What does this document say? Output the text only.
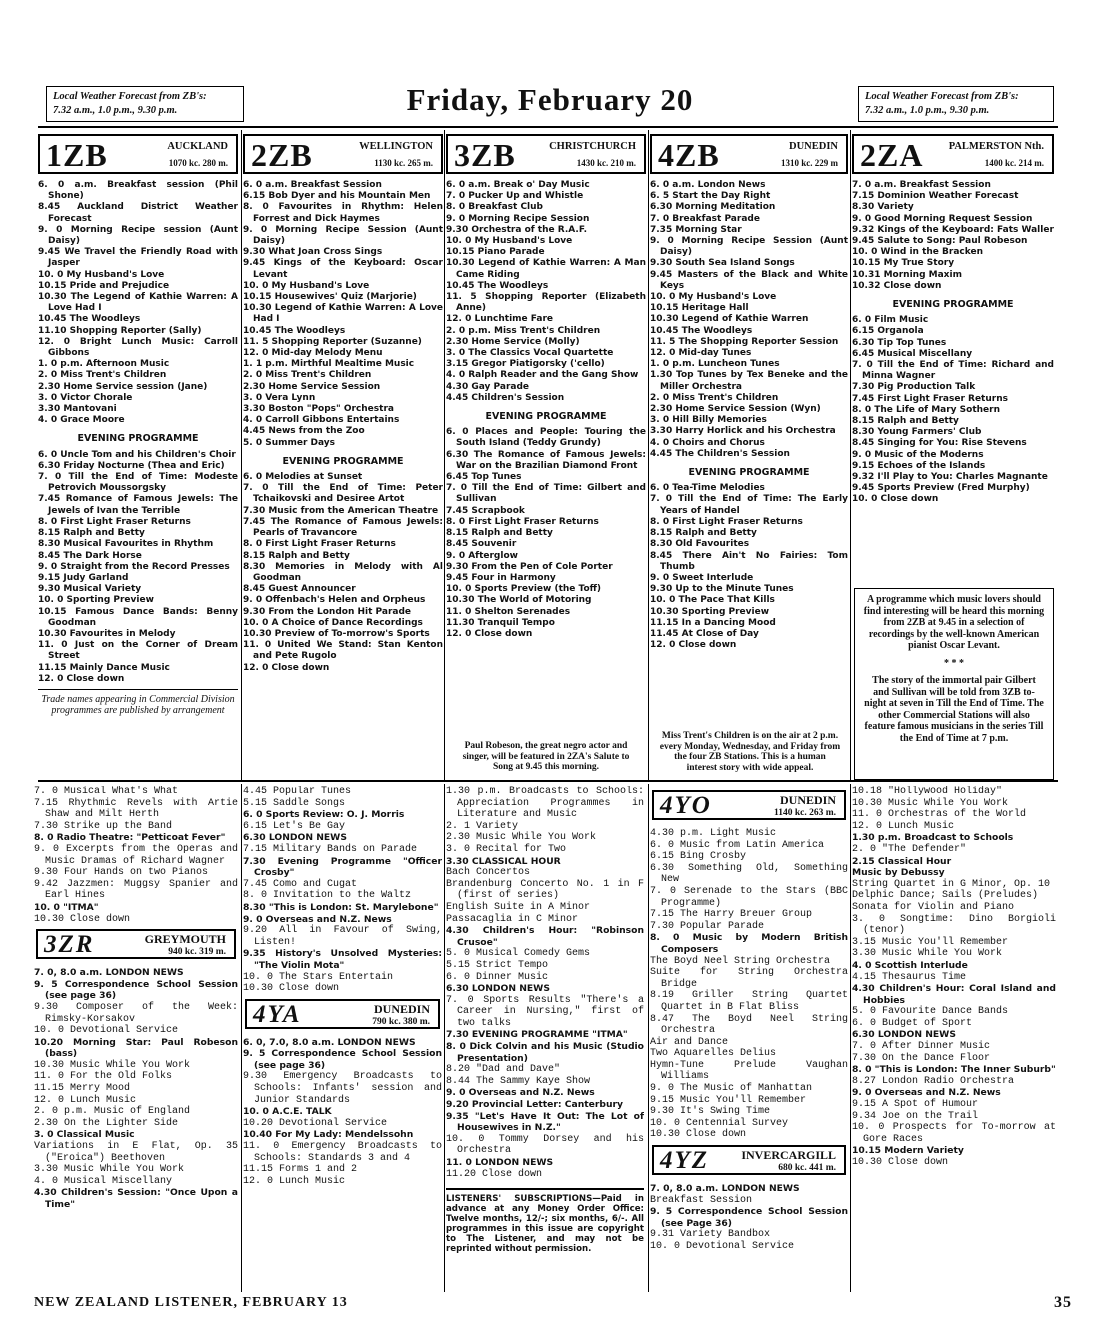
Local Weather Forecast from ZB's:
7.32 a.m., 1.0 p.m., 9.30 p.m.	Friday, February 20	Local Weather Forecast from ZB's:
7.32 a.m., 1.0 p.m., 9.30 p.m.
1ZB	AUCKLAND
1070 kc. 280 m.
6. 0 a.m. Breakfast session (Phil Shone)
8.45 Auckland District Weather Forecast
9. 0 Morning Recipe session (Aunt Daisy)
9.45 We Travel the Friendly Road with Jasper
10. 0 My Husband's Love
10.15 Pride and Prejudice
10.30 The Legend of Kathie Warren: A Love Had I
10.45 The Woodleys
11.10 Shopping Reporter (Sally)
12. 0 Bright Lunch Music: Carroll Gibbons
1. 0 p.m. Afternoon Music
2. 0 Miss Trent's Children
2.30 Home Service session (Jane)
3. 0 Victor Chorale
3.30 Mantovani
4. 0 Grace Moore
EVENING PROGRAMME
6. 0 Uncle Tom and his Children's Choir
6.30 Friday Nocturne (Thea and Eric)
7. 0 Till the End of Time: Modeste Petrovich Moussorgsky
7.45 Romance of Famous Jewels: The Jewels of Ivan the Terrible
8. 0 First Light Fraser Returns
8.15 Ralph and Betty
8.30 Musical Favourites in Rhythm
8.45 The Dark Horse
9. 0 Straight from the Record Presses
9.15 Judy Garland
9.30 Musical Variety
10. 0 Sporting Preview
10.15 Famous Dance Bands: Benny Goodman
10.30 Favourites in Melody
11. 0 Just on the Corner of Dream Street
11.15 Mainly Dance Music
12. 0 Close down
Trade names appearing in Commercial Division programmes are published by arrangement
2ZB	WELLINGTON
1130 kc. 265 m.
6. 0 a.m. Breakfast Session
6.15 Bob Dyer and his Mountain Men
8. 0 Favourites in Rhythm: Helen Forrest and Dick Haymes
9. 0 Morning Recipe Session (Aunt Daisy)
9.30 What Joan Cross Sings
9.45 Kings of the Keyboard: Oscar Levant
10. 0 My Husband's Love
10.15 Housewives' Quiz (Marjorie)
10.30 Legend of Kathie Warren: A Love Had I
10.45 The Woodleys
11. 5 Shopping Reporter (Suzanne)
12. 0 Mid-day Melody Menu
1. 1 p.m. Mirthful Mealtime Music
2. 0 Miss Trent's Children
2.30 Home Service Session
3. 0 Vera Lynn
3.30 Boston "Pops" Orchestra
4. 0 Carroll Gibbons Entertains
4.45 News from the Zoo
5. 0 Summer Days
EVENING PROGRAMME
6. 0 Melodies at Sunset
7. 0 Till the End of Time: Peter Tchaikovski and Desiree Artot
7.30 Music from the American Theatre
7.45 The Romance of Famous Jewels: Pearls of Travancore
8. 0 First Light Fraser Returns
8.15 Ralph and Betty
8.30 Memories in Melody with Al Goodman
8.45 Guest Announcer
9. 0 Offenbach's Helen and Orpheus
9.30 From the London Hit Parade
10. 0 A Choice of Dance Recordings
10.30 Preview of To-morrow's Sports
11. 0 United We Stand: Stan Kenton and Pete Rugolo
12. 0 Close down
3ZB	CHRISTCHURCH
1430 kc. 210 m.
6. 0 a.m. Break o' Day Music
7. 0 Pucker Up and Whistle
8. 0 Breakfast Club
9. 0 Morning Recipe Session
9.30 Orchestra of the R.A.F.
10. 0 My Husband's Love
10.15 Piano Parade
10.30 Legend of Kathie Warren: A Man Came Riding
10.45 The Woodleys
11. 5 Shopping Reporter (Elizabeth Anne)
12. 0 Lunchtime Fare
2. 0 p.m. Miss Trent's Children
2.30 Home Service (Molly)
3. 0 The Classics Vocal Quartette
3.15 Gregor Piatigorsky ('cello)
4. 0 Ralph Reader and the Gang Show
4.30 Gay Parade
4.45 Children's Session
EVENING PROGRAMME
6. 0 Places and People: Touring the South Island (Teddy Grundy)
6.30 The Romance of Famous Jewels: War on the Brazilian Diamond Front
6.45 Top Tunes
7. 0 Till the End of Time: Gilbert and Sullivan
7.45 Scrapbook
8. 0 First Light Fraser Returns
8.15 Ralph and Betty
8.45 Souvenir
9. 0 Afterglow
9.30 From the Pen of Cole Porter
9.45 Four in Harmony
10. 0 Sports Preview (the Toff)
10.30 The World of Motoring
11. 0 Shelton Serenades
11.30 Tranquil Tempo
12. 0 Close down
4ZB	DUNEDIN
1310 kc. 229 m
6. 0 a.m. London News
6. 5 Start the Day Right
6.30 Morning Meditation
7. 0 Breakfast Parade
7.35 Morning Star
9. 0 Morning Recipe Session (Aunt Daisy)
9.30 South Sea Island Songs
9.45 Masters of the Black and White Keys
10. 0 My Husband's Love
10.15 Heritage Hall
10.30 Legend of Kathie Warren
10.45 The Woodleys
11. 5 The Shopping Reporter Session
12. 0 Mid-day Tunes
1. 0 p.m. Luncheon Tunes
1.30 Top Tunes by Tex Beneke and the Miller Orchestra
2. 0 Miss Trent's Children
2.30 Home Service Session (Wyn)
3. 0 Hill Billy Memories
3.30 Harry Horlick and his Orchestra
4. 0 Choirs and Chorus
4.45 The Children's Session
EVENING PROGRAMME
6. 0 Tea-Time Melodies
7. 0 Till the End of Time: The Early Years of Handel
8. 0 First Light Fraser Returns
8.15 Ralph and Betty
8.30 Old Favourites
8.45 There Ain't No Fairies: Tom Thumb
9. 0 Sweet Interlude
9.30 Up to the Minute Tunes
10. 0 The Pace That Kills
10.30 Sporting Preview
11.15 In a Dancing Mood
11.45 At Close of Day
12. 0 Close down
2ZA PALMERSTON Nth.
1400 kc. 214 m.
7. 0 a.m. Breakfast Session
7.15 Dominion Weather Forecast
8.30 Variety
9. 0 Good Morning Request Session
9.32 Kings of the Keyboard: Fats Waller
9.45 Salute to Song: Paul Robeson
10. 0 Wind in the Bracken
10.15 My True Story
10.31 Morning Maxim
10.32 Close down
EVENING PROGRAMME
6. 0 Film Music
6.15 Organola
6.30 Tip Top Tunes
6.45 Musical Miscellany
7. 0 Till the End of Time: Richard and Minna Wagner
7.30 Pig Production Talk
7.45 First Light Fraser Returns
8. 0 The Life of Mary Sothern
8.15 Ralph and Betty
8.30 Young Farmers' Club
8.45 Singing for You: Rise Stevens
9. 0 Music of the Moderns
9.15 Echoes of the Islands
9.32 I'll Play to You: Charles Magnante
9.45 Sports Preview (Fred Murphy)
10. 0 Close down
A programme which music lovers should find interesting will be heard this morning from 2ZB at 9.45 in a selection of recordings by the well-known American pianist Oscar Levant.
* * *
The story of the immortal pair Gilbert and Sullivan will be told from 3ZB to-night at seven in Till the End of Time. The other Commercial Stations will also feature famous musicians in the series Till the End of Time at 7 p.m.
Paul Robeson, the great negro actor and singer, will be featured in 2ZA's Salute to Song at 9.45 this morning.
Miss Trent's Children is on the air at 2 p.m. every Monday, Wednesday, and Friday from the four ZB Stations. This is a human interest story with wide appeal.
7. 0 Musical What's What
7.15 Rhythmic Revels with Artie Shaw and Milt Herth
7.30 Strike up the Band
8. 0 Radio Theatre: "Petticoat Fever"
9. 0 Excerpts from the Operas and Music Dramas of Richard Wagner
9.30 Four Hands on two Pianos
9.42 Jazzmen: Muggsy Spanier and Earl Hines
10. 0 "ITMA"
10.30 Close down
3ZR	GREYMOUTH
940 kc. 319 m.
7. 0, 8.0 a.m. LONDON NEWS
9. 5 Correspondence School Session (see page 36)
9.30 Composer of the Week: Rimsky-Korsakov
10. 0 Devotional Service
10.20 Morning Star: Paul Robeson (bass)
10.30 Music While You Work
11. 0 For the Old Folks
11.15 Merry Mood
12. 0 Lunch Music
2. 0 p.m. Music of England
2.30 On the Lighter Side
3. 0 Classical Music
Variations in E Flat, Op. 35 ("Eroica") Beethoven
3.30 Music While You Work
4. 0 Musical Miscellany
4.30 Children's Session: "Once Upon a Time"
4.45 Popular Tunes
5.15 Saddle Songs
6. 0 Sports Review: O. J. Morris
6.15 Let's Be Gay
6.30 LONDON NEWS
7.15 Military Bands on Parade
7.30 Evening Programme "Officer Crosby"
7.45 Como and Cugat
8. 0 Invitation to the Waltz
8.30 "This is London: St. Marylebone"
9. 0 Overseas and N.Z. News
9.20 All in Favour of Swing, Listen!
9.35 History's Unsolved Mysteries: "The Violin Mota"
10. 0 The Stars Entertain
10.30 Close down
4YA	DUNEDIN
790 kc. 380 m.
6. 0, 7.0, 8.0 a.m. LONDON NEWS
9. 5 Correspondence School Session (see page 36)
9.30 Emergency Broadcasts to Schools: Infants' session and Junior Standards
10. 0 A.C.E. TALK
10.20 Devotional Service
10.40 For My Lady: Mendelssohn
11. 0 Emergency Broadcasts to Schools: Standards 3 and 4
11.15 Forms 1 and 2
12. 0 Lunch Music
1.30 p.m. Broadcasts to Schools: Appreciation Programmes in Literature and Music
2. 1 Variety
2.30 Music While You Work
3. 0 Recital for Two
3.30 CLASSICAL HOUR
Bach Concertos
Brandenburg Concerto No. 1 in F (first of series)
English Suite in A Minor
Passacaglia in C Minor
4.30 Children's Hour: "Robinson Crusoe"
5. 0 Musical Comedy Gems
5.15 Strict Tempo
6. 0 Dinner Music
6.30 LONDON NEWS
7. 0 Sports Results "There's a Career in Nursing," first of two talks
7.30 EVENING PROGRAMME "ITMA"
8. 0 Dick Colvin and his Music (Studio Presentation)
8.20 "Dad and Dave"
8.44 The Sammy Kaye Show
9. 0 Overseas and N.Z. News
9.20 Provincial Letter: Canterbury
9.35 "Let's Have It Out: The Lot of Housewives in N.Z."
10. 0 Tommy Dorsey and his Orchestra
11. 0 LONDON NEWS
11.20 Close down
LISTENERS' SUBSCRIPTIONS—Paid in advance at any Money Order Office: Twelve months, 12/-; six months, 6/-. All programmes in this issue are copyright to The Listener, and may not be reprinted without permission.
4YO	DUNEDIN
1140 kc. 263 m.
4.30 p.m. Light Music
6. 0 Music from Latin America
6.15 Bing Crosby
6.30 Something Old, Something New
7. 0 Serenade to the Stars (BBC Programme)
7.15 The Harry Breuer Group
7.30 Popular Parade
8. 0 Music by Modern British Composers
The Boyd Neel String Orchestra
Suite for String Orchestra Bridge
8.19 Griller String Quartet Quartet in B Flat Bliss
8.47 The Boyd Neel String Orchestra
Air and Dance
Two Aquarelles Delius
Hymn-Tune Prelude Vaughan Williams
9. 0 The Music of Manhattan
9.15 Music You'll Remember
9.30 It's Swing Time
10. 0 Centennial Survey
10.30 Close down
4YZ	INVERCARGILL
680 kc. 441 m.
7. 0, 8.0 a.m. LONDON NEWS
Breakfast Session
9. 5 Correspondence School Session (see Page 36)
9.31 Variety Bandbox
10. 0 Devotional Service
10.18 "Hollywood Holiday"
10.30 Music While You Work
11. 0 Orchestras of the World
12. 0 Lunch Music
1.30 p.m. Broadcast to Schools
2. 0 "The Defender"
2.15 Classical Hour
Music by Debussy
String Quartet in G Minor, Op. 10
Delphic Dance; Sails (Preludes)
Sonata for Violin and Piano
3. 0 Songtime: Dino Borgioli (tenor)
3.15 Music You'll Remember
3.30 Music While You Work
4. 0 Scottish Interlude
4.15 Thesaurus Time
4.30 Children's Hour: Coral Island and Hobbies
5. 0 Favourite Dance Bands
6. 0 Budget of Sport
6.30 LONDON NEWS
7. 0 After Dinner Music
7.30 On the Dance Floor
8. 0 "This is London: The Inner Suburb"
8.27 London Radio Orchestra
9. 0 Overseas and N.Z. News
9.15 A Spot of Humour
9.34 Joe on the Trail
10. 0 Prospects for To-morrow at Gore Races
10.15 Modern Variety
10.30 Close down
NEW ZEALAND LISTENER, FEBRUARY 13	35
